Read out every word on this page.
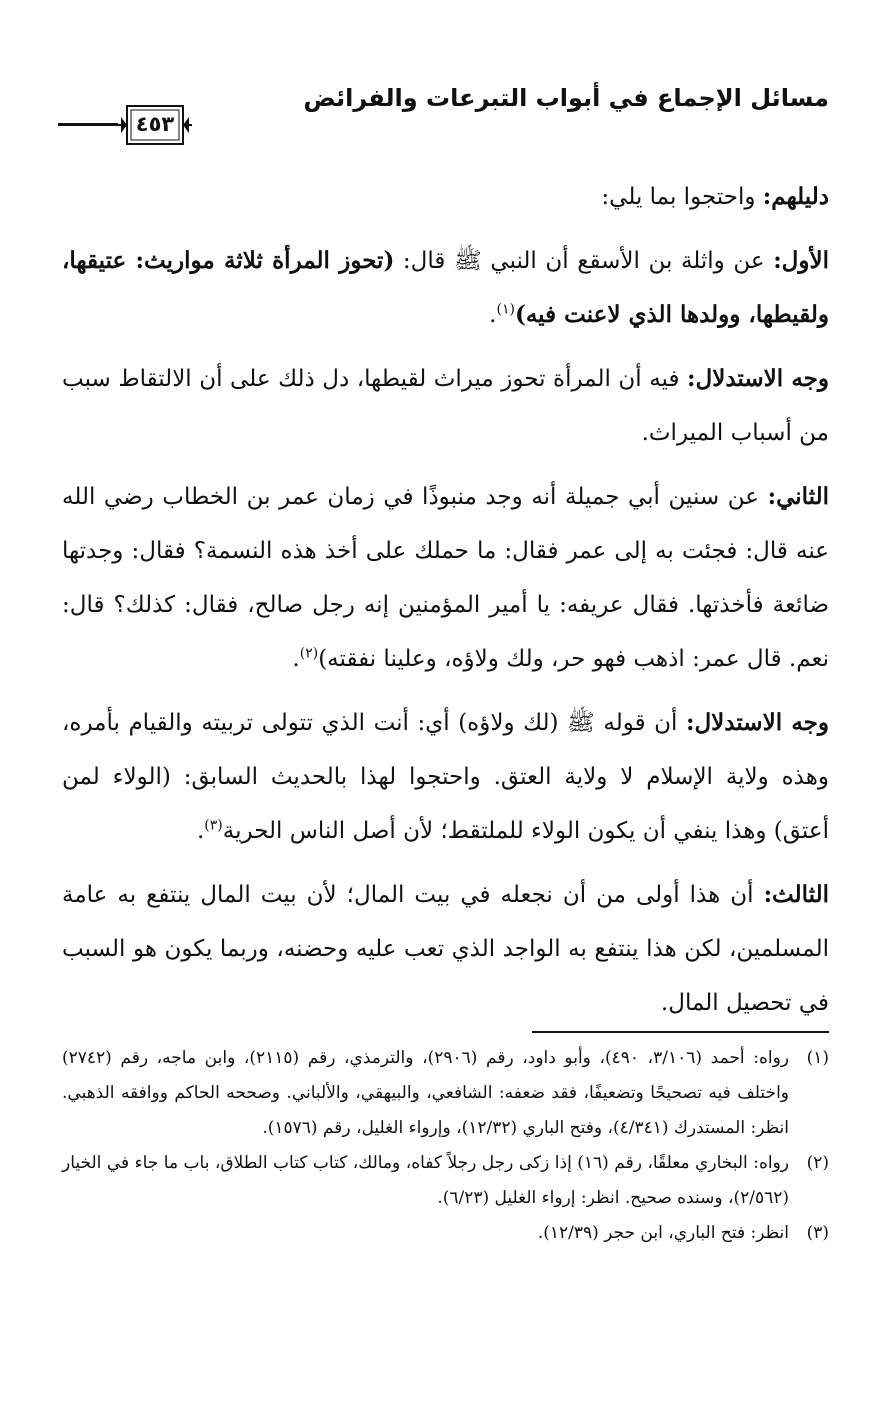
مسائل الإجماع في أبواب التبرعات والفرائض
٤٥٣

دليلهم: واحتجوا بما يلي:

الأول: عن واثلة بن الأسقع أن النبي ﷺ قال: (تحوز المرأة ثلاثة مواريث: عتيقها، ولقيطها، وولدها الذي لاعنت فيه)$^{(١)}$.

وجه الاستدلال: فيه أن المرأة تحوز ميراث لقيطها، دل ذلك على أن الالتقاط سبب من أسباب الميراث.

الثاني: عن سنين أبي جميلة أنه وجد منبوذًا في زمان عمر بن الخطاب رضي الله عنه قال: فجئت به إلى عمر فقال: ما حملك على أخذ هذه النسمة؟ فقال: وجدتها ضائعة فأخذتها. فقال عريفه: يا أمير المؤمنين إنه رجل صالح، فقال: كذلك؟ قال: نعم. قال عمر: اذهب فهو حر، ولك ولاؤه، وعلينا نفقته)$^{(٢)}$.

وجه الاستدلال: أن قوله ﷺ (لك ولاؤه) أي: أنت الذي تتولى تربيته والقيام بأمره، وهذه ولاية الإسلام لا ولاية العتق. واحتجوا لهذا بالحديث السابق: (الولاء لمن أعتق) وهذا ينفي أن يكون الولاء للملتقط؛ لأن أصل الناس الحرية$^{(٣)}$.

الثالث: أن هذا أولى من أن نجعله في بيت المال؛ لأن بيت المال ينتفع به عامة المسلمين، لكن هذا ينتفع به الواجد الذي تعب عليه وحضنه، وربما يكون هو السبب في تحصيل المال.

(١)
رواه: أحمد (٣/١٠٦، ٤٩٠)، وأبو داود، رقم (٢٩٠٦)، والترمذي، رقم (٢١١٥)، وابن ماجه، رقم (٢٧٤٢) واختلف فيه تصحيحًا وتضعيفًا، فقد ضعفه: الشافعي، والبيهقي، والألباني. وصححه الحاكم ووافقه الذهبي. انظر: المستدرك (٤/٣٤١)، وفتح الباري (١٢/٣٢)، وإرواء الغليل، رقم (١٥٧٦).
(٢)
رواه: البخاري معلقًا، رقم (١٦) إذا زكى رجل رجلاً كفاه، ومالك، كتاب كتاب الطلاق، باب ما جاء في الخيار (٢/٥٦٢)، وسنده صحيح. انظر: إرواء الغليل (٦/٢٣).
(٣)
انظر: فتح الباري، ابن حجر (١٢/٣٩).
